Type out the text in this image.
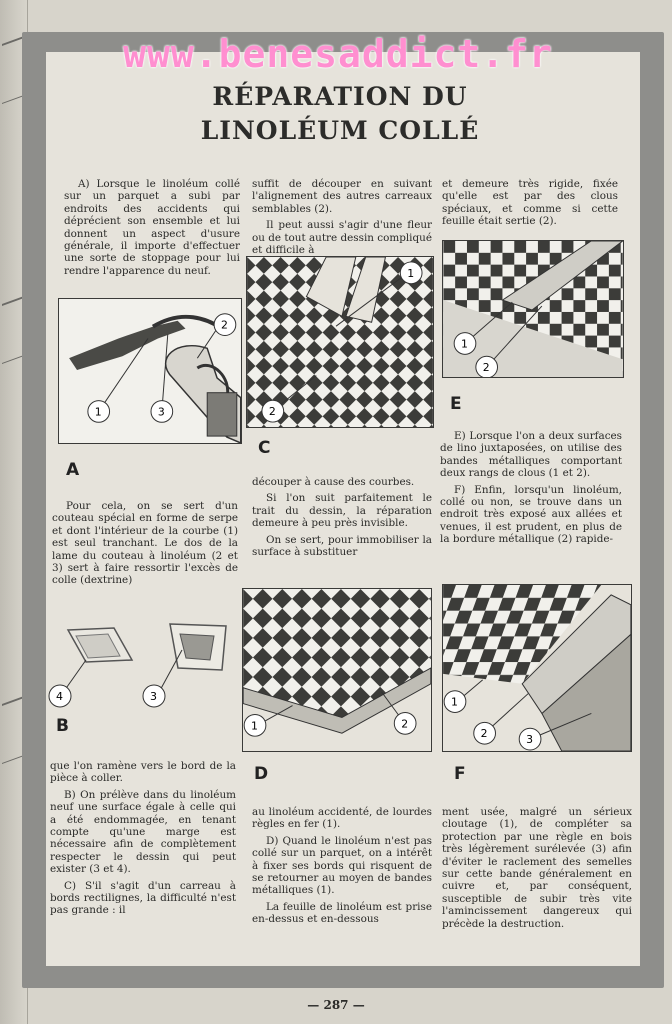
www.benesaddict.fr
RÉPARATION DU
LINOLÉUM COLLÉ

A) Lorsque le linoléum collé sur un parquet a subi par endroits des accidents qui déprécient son ensemble et lui donnent un aspect d'usure générale, il importe d'effectuer une sorte de stoppage pour lui rendre l'apparence du neuf.

1	3
2
A

Pour cela, on se sert d'un couteau spécial en forme de serpe et dont l'intérieur de la courbe (1) est seul tranchant. Le dos de la lame du couteau à linoléum (2 et 3) sert à faire ressortir l'excès de colle (dextrine)

4	3
B

que l'on ramène vers le bord de la pièce à coller.

B) On prélève dans du linoléum neuf une surface égale à celle qui a été endommagée, en tenant compte qu'une marge est nécessaire afin de complètement respecter le dessin qui peut exister (3 et 4).

C) S'il s'agit d'un carreau à bords rectilignes, la difficulté n'est pas grande : il

suffit de découper en suivant l'alignement des autres carreaux semblables (2).

Il peut aussi s'agir d'une fleur ou de tout autre dessin compliqué et difficile à

1
2
C

découper à cause des courbes.

Si l'on suit parfaitement le trait du dessin, la réparation demeure à peu près invisible.

On se sert, pour immobiliser la surface à substituer

1	2
D

au linoléum accidenté, de lourdes règles en fer (1).

D) Quand le linoléum n'est pas collé sur un parquet, on a intérêt à fixer ses bords qui risquent de se retourner au moyen de bandes métalliques (1).

La feuille de linoléum est prise en-dessus et en-dessous

et demeure très rigide, fixée qu'elle est par des clous spéciaux, et comme si cette feuille était sertie (2).

1
2
E

E) Lorsque l'on a deux surfaces de lino juxtaposées, on utilise des bandes métalliques comportant deux rangs de clous (1 et 2).

F) Enfin, lorsqu'un linoléum, collé ou non, se trouve dans un endroit très exposé aux allées et venues, il est prudent, en plus de la bordure métallique (2) rapide-

1
2	3
F

ment usée, malgré un sérieux cloutage (1), de compléter sa protection par une règle en bois très légèrement surélevée (3) afin d'éviter le raclement des semelles sur cette bande généralement en cuivre et, par conséquent, susceptible de subir très vite l'amincissement dangereux qui précède la destruction.

— 287 —
